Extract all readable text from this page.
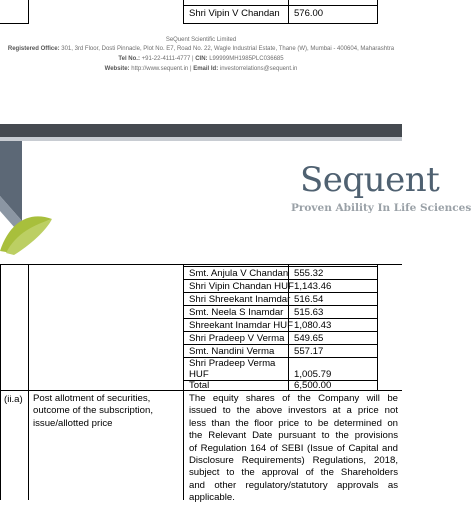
Shri Vipin V Chandan 576.00
SeQuent Scientific Limited
Registered Office: 301, 3rd Floor, Dosti Pinnacle, Plot No. E7, Road No. 22, Wagle Industrial Estate, Thane (W), Mumbai - 400604, Maharashtra
Tel No.: +91-22-4111-4777 | CIN: L99999MH1985PLC036685
Website: http://www.sequent.in | Email Id: investorrelations@sequent.in
Sequent
Proven Ability In Life Sciences
Smt. Anjula V Chandan 555.32
Shri Vipin Chandan HUF 1,143.46
Shri Shreekant Inamdar 516.54
Smt. Neela S Inamdar 515.63
Shreekant Inamdar HUF 1,080.43
Shri Pradeep V Verma 549.65
Smt. Nandini Verma 557.17
Shri Pradeep Verma
HUF	1,005.79
Total	6,500.00
(ii.a) Post allotment of securities,
outcome of the subscription,
issue/allotted price
The equity shares of the Company will be
issued to the above investors at a price not
less than the floor price to be determined on
the Relevant Date pursuant to the provisions
of Regulation 164 of SEBI (Issue of Capital and
Disclosure Requirements) Regulations, 2018,
subject to the approval of the Shareholders
and other regulatory/statutory approvals as
applicable.
